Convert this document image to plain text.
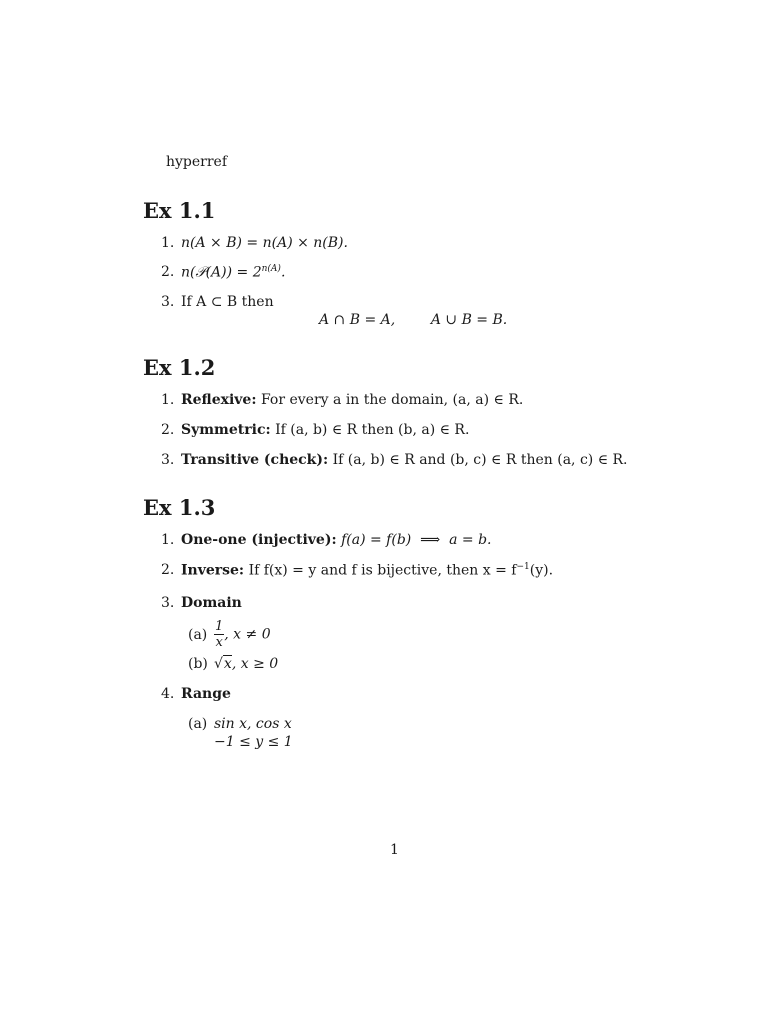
hyperref
Ex 1.1
1. n(A × B) = n(A) × n(B).
2. n(𝒫(A)) = $2^{n(A)}$.
3. If A ⊂ B then
A ∩ B = A,        A ∪ B = B.
Ex 1.2
1. Reflexive: For every a in the domain, (a, a) ∈ R.
2. Symmetric: If (a, b) ∈ R then (b, a) ∈ R.
3. Transitive (check): If (a, b) ∈ R and (b, c) ∈ R then (a, c) ∈ R.
Ex 1.3
1. One-one (injective): f(a) = f(b)  ⟹  a = b.
2. Inverse: If f(x) = y and f is bijective, then $x = f^{-1}(y)$.
3. Domain
$(a) \frac{1}{x}$ , x ≠ 0
(b) √x, x ≥ 0
4. Range
(a) sin x, cos x
−1 ≤ y ≤ 1
1
